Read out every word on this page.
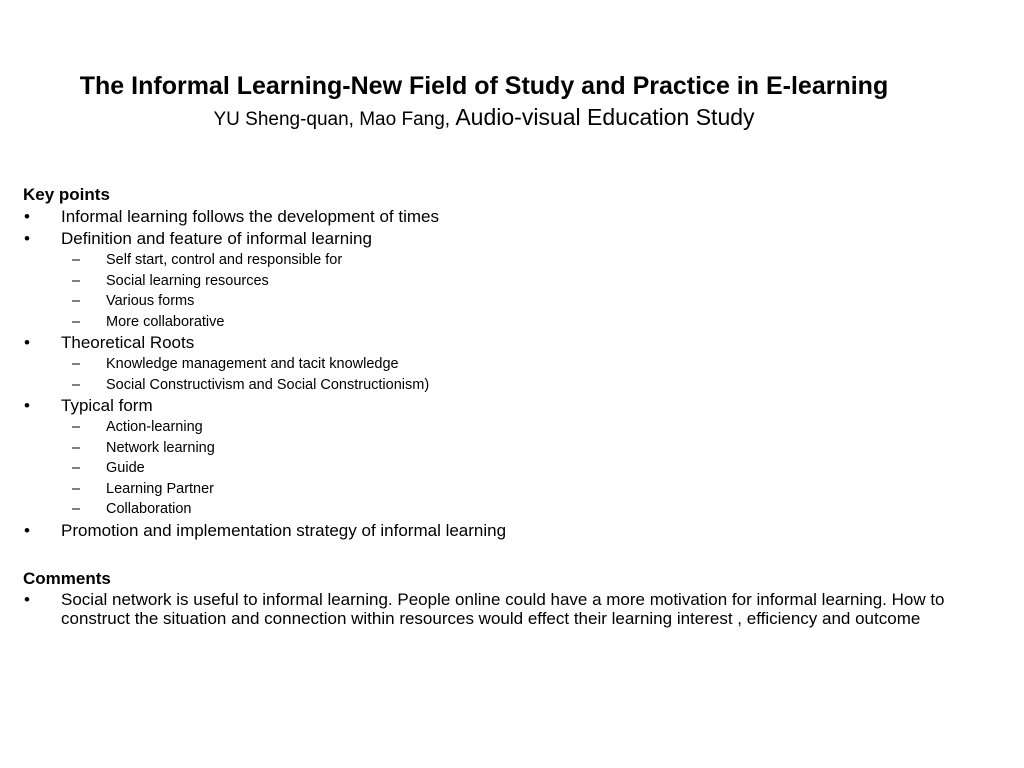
The Informal Learning-New Field of Study and Practice in E-learning
YU Sheng-quan, Mao Fang, Audio-visual Education Study
Key points
• Informal learning follows the development of times
• Definition and feature of informal learning
– Self start, control and responsible for
– Social learning resources
– Various forms
– More collaborative
• Theoretical Roots
– Knowledge management and tacit knowledge
– Social Constructivism and Social Constructionism)
• Typical form
– Action-learning
– Network learning
– Guide
– Learning Partner
– Collaboration
• Promotion and implementation strategy of informal learning
Comments
• Social network is useful to informal learning. People online could have a more motivation for informal learning. How to construct the situation and connection within resources would effect their learning interest , efficiency and outcome
